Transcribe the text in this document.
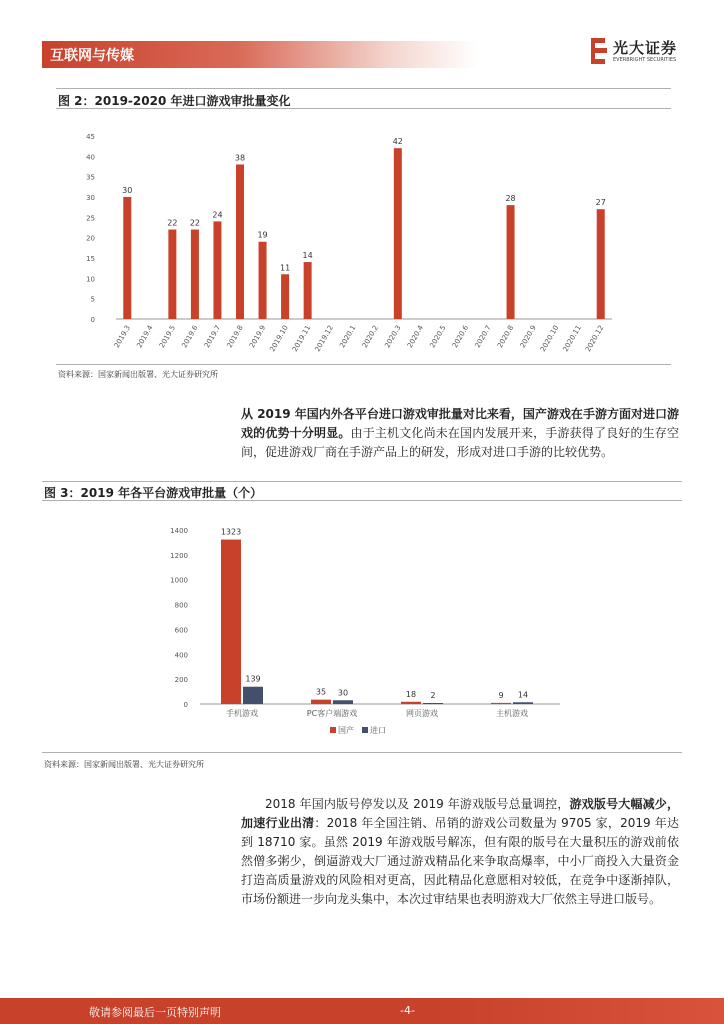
互联网与传媒	光大证券
EVERBRIGHT SECURITIES
图 2：2019-2020 年进口游戏审批量变化
0
5
10
15
20
25
30
35
40
45
30
2019.3 2019.4
22
2019.5
22
2019.6
24
2019.7
38
2019.8
19
2019.9
11
2019.10
14
2019.11 2019.12 2020.1 2020.2
42
2020.3 2020.4 2020.5 2020.6 2020.7
28
2020.8 2020.9 2020.10 2020.11
27
2020.12
资料来源：国家新闻出版署、光大证券研究所
从 2019 年国内外各平台进口游戏审批量对比来看，国产游戏在手游方面对进口游戏的优势十分明显。由于主机文化尚未在国内发展开来，手游获得了良好的生存空间，促进游戏厂商在手游产品上的研发，形成对进口手游的比较优势。
图 3：2019 年各平台游戏审批量（个）
0
200
400
600
800
1000
1200
1400	1323
139
手机游戏
35 30
PC客户端游戏
18 2
网页游戏
9 14
主机游戏
国产 进口
资料来源：国家新闻出版署、光大证券研究所
2018 年国内版号停发以及 2019 年游戏版号总量调控，游戏版号大幅减少，加速行业出清：2018 年全国注销、吊销的游戏公司数量为 9705 家，2019 年达到 18710 家。虽然 2019 年游戏版号解冻，但有限的版号在大量积压的游戏前依然僧多粥少，倒逼游戏大厂通过游戏精品化来争取高爆率，中小厂商投入大量资金打造高质量游戏的风险相对更高，因此精品化意愿相对较低，在竞争中逐渐掉队，市场份额进一步向龙头集中，本次过审结果也表明游戏大厂依然主导进口版号。
敬请参阅最后一页特别声明	-4-
